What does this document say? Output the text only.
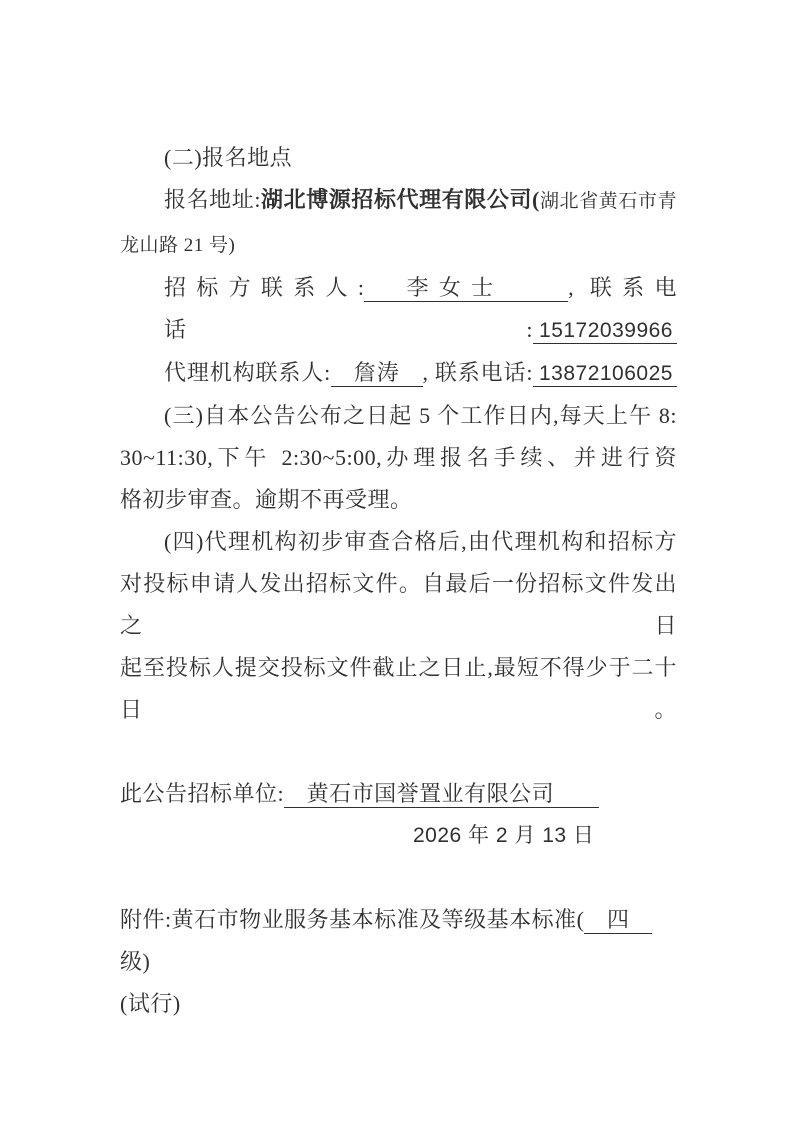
(二)报名地点
报名地址:湖北博源招标代理有限公司(湖北省黄石市青
龙山路 21 号)
招标方联系人:　李女士　　, 联系电话: 15172039966
代理机构联系人:　詹涛　, 联系电话: 13872106025
(三)自本公告公布之日起 5 个工作日内,每天上午 8:
30~11:30,下午 2:30~5:00,办理报名手续、并进行资
格初步审查。逾期不再受理。
(四)代理机构初步审查合格后,由代理机构和招标方
对投标申请人发出招标文件。自最后一份招标文件发出之日
起至投标人提交投标文件截止之日止,最短不得少于二十日。
此公告招标单位:　黄石市国誉置业有限公司　　
2026 年 2 月 13 日
附件:黄石市物业服务基本标准及等级基本标准(　四　级)
(试行)
